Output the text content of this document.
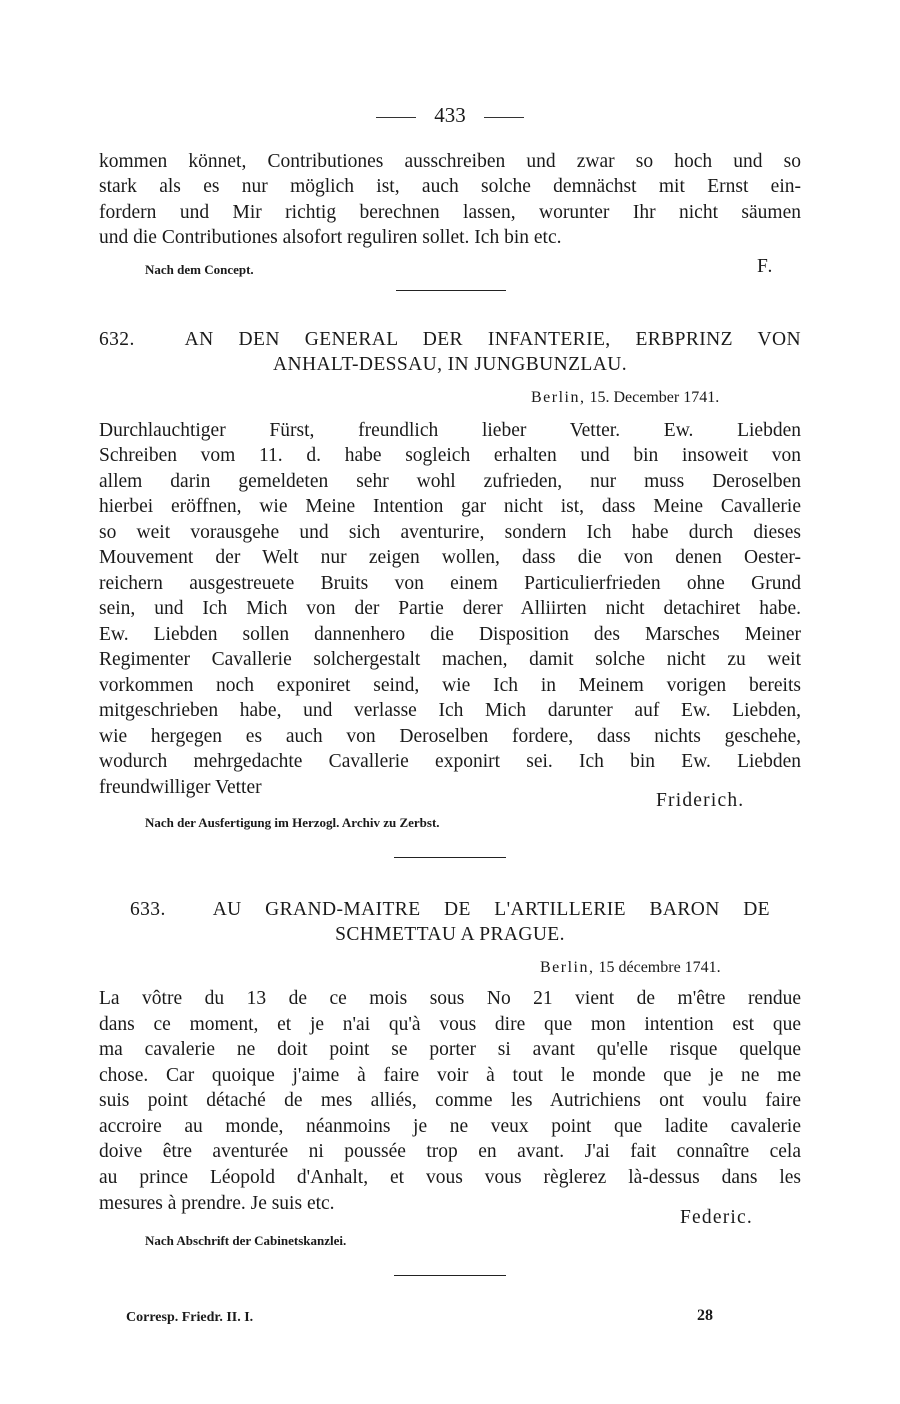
433
kommen könnet, Contributiones ausschreiben und zwar so hoch und so
stark als es nur möglich ist, auch solche demnächst mit Ernst ein-
fordern und Mir richtig berechnen lassen, worunter Ihr nicht säumen
und die Contributiones alsofort reguliren sollet. Ich bin etc.
Nach dem Concept.	F.
632.	AN DEN GENERAL DER INFANTERIE, ERBPRINZ VON
ANHALT-DESSAU, IN JUNGBUNZLAU.
Berlin, 15. December 1741.
Durchlauchtiger Fürst, freundlich lieber Vetter. Ew. Liebden
Schreiben vom 11. d. habe sogleich erhalten und bin insoweit von
allem darin gemeldeten sehr wohl zufrieden, nur muss Deroselben
hierbei eröffnen, wie Meine Intention gar nicht ist, dass Meine Cavallerie
so weit vorausgehe und sich aventurire, sondern Ich habe durch dieses
Mouvement der Welt nur zeigen wollen, dass die von denen Oester-
reichern ausgestreuete Bruits von einem Particulierfrieden ohne Grund
sein, und Ich Mich von der Partie derer Alliirten nicht detachiret habe.
Ew. Liebden sollen dannenhero die Disposition des Marsches Meiner
Regimenter Cavallerie solchergestalt machen, damit solche nicht zu weit
vorkommen noch exponiret seind, wie Ich in Meinem vorigen bereits
mitgeschrieben habe, und verlasse Ich Mich darunter auf Ew. Liebden,
wie hergegen es auch von Deroselben fordere, dass nichts geschehe,
wodurch mehrgedachte Cavallerie exponirt sei. Ich bin Ew. Liebden
freundwilliger Vetter
Friderich.
Nach der Ausfertigung im Herzogl. Archiv zu Zerbst.
633. AU GRAND-MAITRE DE L'ARTILLERIE BARON DE
SCHMETTAU A PRAGUE.
Berlin, 15 décembre 1741.
La vôtre du 13 de ce mois sous No 21 vient de m'être rendue
dans ce moment, et je n'ai qu'à vous dire que mon intention est que
ma cavalerie ne doit point se porter si avant qu'elle risque quelque
chose. Car quoique j'aime à faire voir à tout le monde que je ne me
suis point détaché de mes alliés, comme les Autrichiens ont voulu faire
accroire au monde, néanmoins je ne veux point que ladite cavalerie
doive être aventurée ni poussée trop en avant. J'ai fait connaître cela
au prince Léopold d'Anhalt, et vous vous règlerez là-dessus dans les
mesures à prendre. Je suis etc.
Federic.
Nach Abschrift der Cabinetskanzlei.
Corresp. Friedr. II. I.	28
